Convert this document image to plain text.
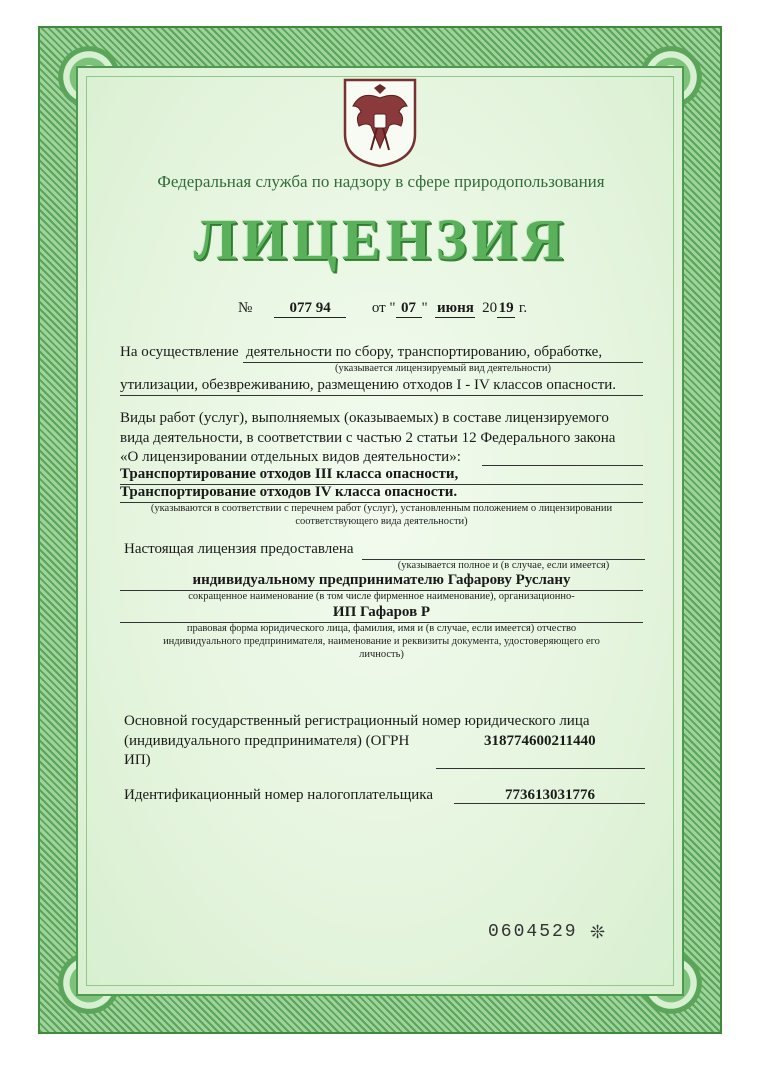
Федеральная служба по надзору в сфере природопользования
ЛИЦЕНЗИЯ
№ 077 94	от " 07 " июня 20 19 г.
На осуществление деятельности по сбору, транспортированию, обработке,
(указывается лицензируемый вид деятельности)
утилизации, обезвреживанию, размещению отходов I - IV классов опасности.
Виды работ (услуг), выполняемых (оказываемых) в составе лицензируемого
вида деятельности, в соответствии с частью 2 статьи 12 Федерального закона
«О лицензировании отдельных видов деятельности»:
Транспортирование отходов III класса опасности,
Транспортирование отходов IV класса опасности.
(указываются в соответствии с перечнем работ (услуг), установленным положением о лицензировании
соответствующего вида деятельности)
Настоящая лицензия предоставлена
(указывается полное и (в случае, если имеется)
индивидуальному предпринимателю Гафарову Руслану
сокращенное наименование (в том числе фирменное наименование), организационно-
ИП Гафаров Р
правовая форма юридического лица, фамилия, имя и (в случае, если имеется) отчество
индивидуального предпринимателя, наименование и реквизиты документа, удостоверяющего его
личность)
Основной государственный регистрационный номер юридического лица
(индивидуального предпринимателя) (ОГРН	318774600211440
ИП)
Идентификационный номер налогоплательщика	773613031776
0604529 ❊
